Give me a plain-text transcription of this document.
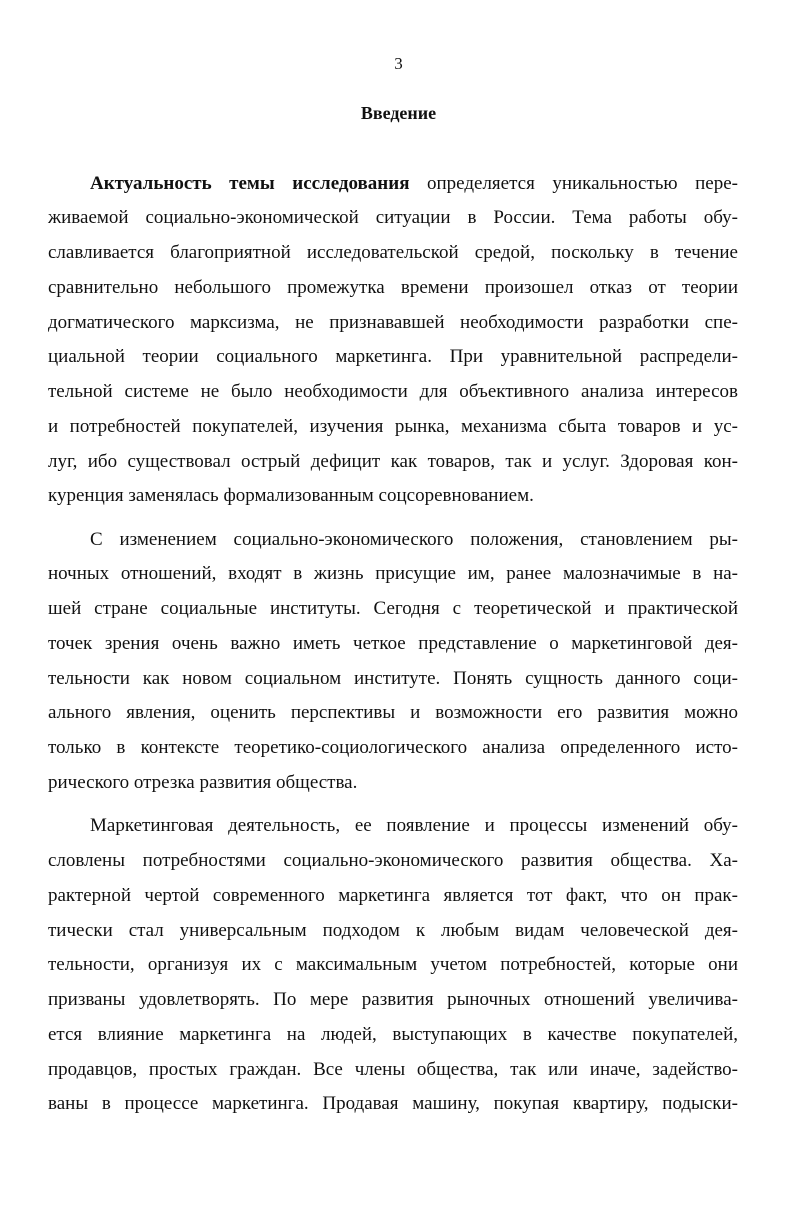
3
Введение
Актуальность темы исследования определяется уникальностью пере-
живаемой социально-экономической ситуации в России. Тема работы обу-
славливается благоприятной исследовательской средой, поскольку в течение
сравнительно небольшого промежутка времени произошел отказ от теории
догматического марксизма, не признававшей необходимости разработки спе-
циальной теории социального маркетинга. При уравнительной распредели-
тельной системе не было необходимости для объективного анализа интересов
и потребностей покупателей, изучения рынка, механизма сбыта товаров и ус-
луг, ибо существовал острый дефицит как товаров, так и услуг. Здоровая кон-
куренция заменялась формализованным соцсоревнованием.
С изменением социально-экономического положения, становлением ры-
ночных отношений, входят в жизнь присущие им, ранее малозначимые в на-
шей стране социальные институты. Сегодня с теоретической и практической
точек зрения очень важно иметь четкое представление о маркетинговой дея-
тельности как новом социальном институте. Понять сущность данного соци-
ального явления, оценить перспективы и возможности его развития можно
только в контексте теоретико-социологического анализа определенного исто-
рического отрезка развития общества.
Маркетинговая деятельность, ее появление и процессы изменений обу-
словлены потребностями социально-экономического развития общества. Ха-
рактерной чертой современного маркетинга является тот факт, что он прак-
тически стал универсальным подходом к любым видам человеческой дея-
тельности, организуя их с максимальным учетом потребностей, которые они
призваны удовлетворять. По мере развития рыночных отношений увеличива-
ется влияние маркетинга на людей, выступающих в качестве покупателей,
продавцов, простых граждан. Все члены общества, так или иначе, задейство-
ваны в процессе маркетинга. Продавая машину, покупая квартиру, подыски-
